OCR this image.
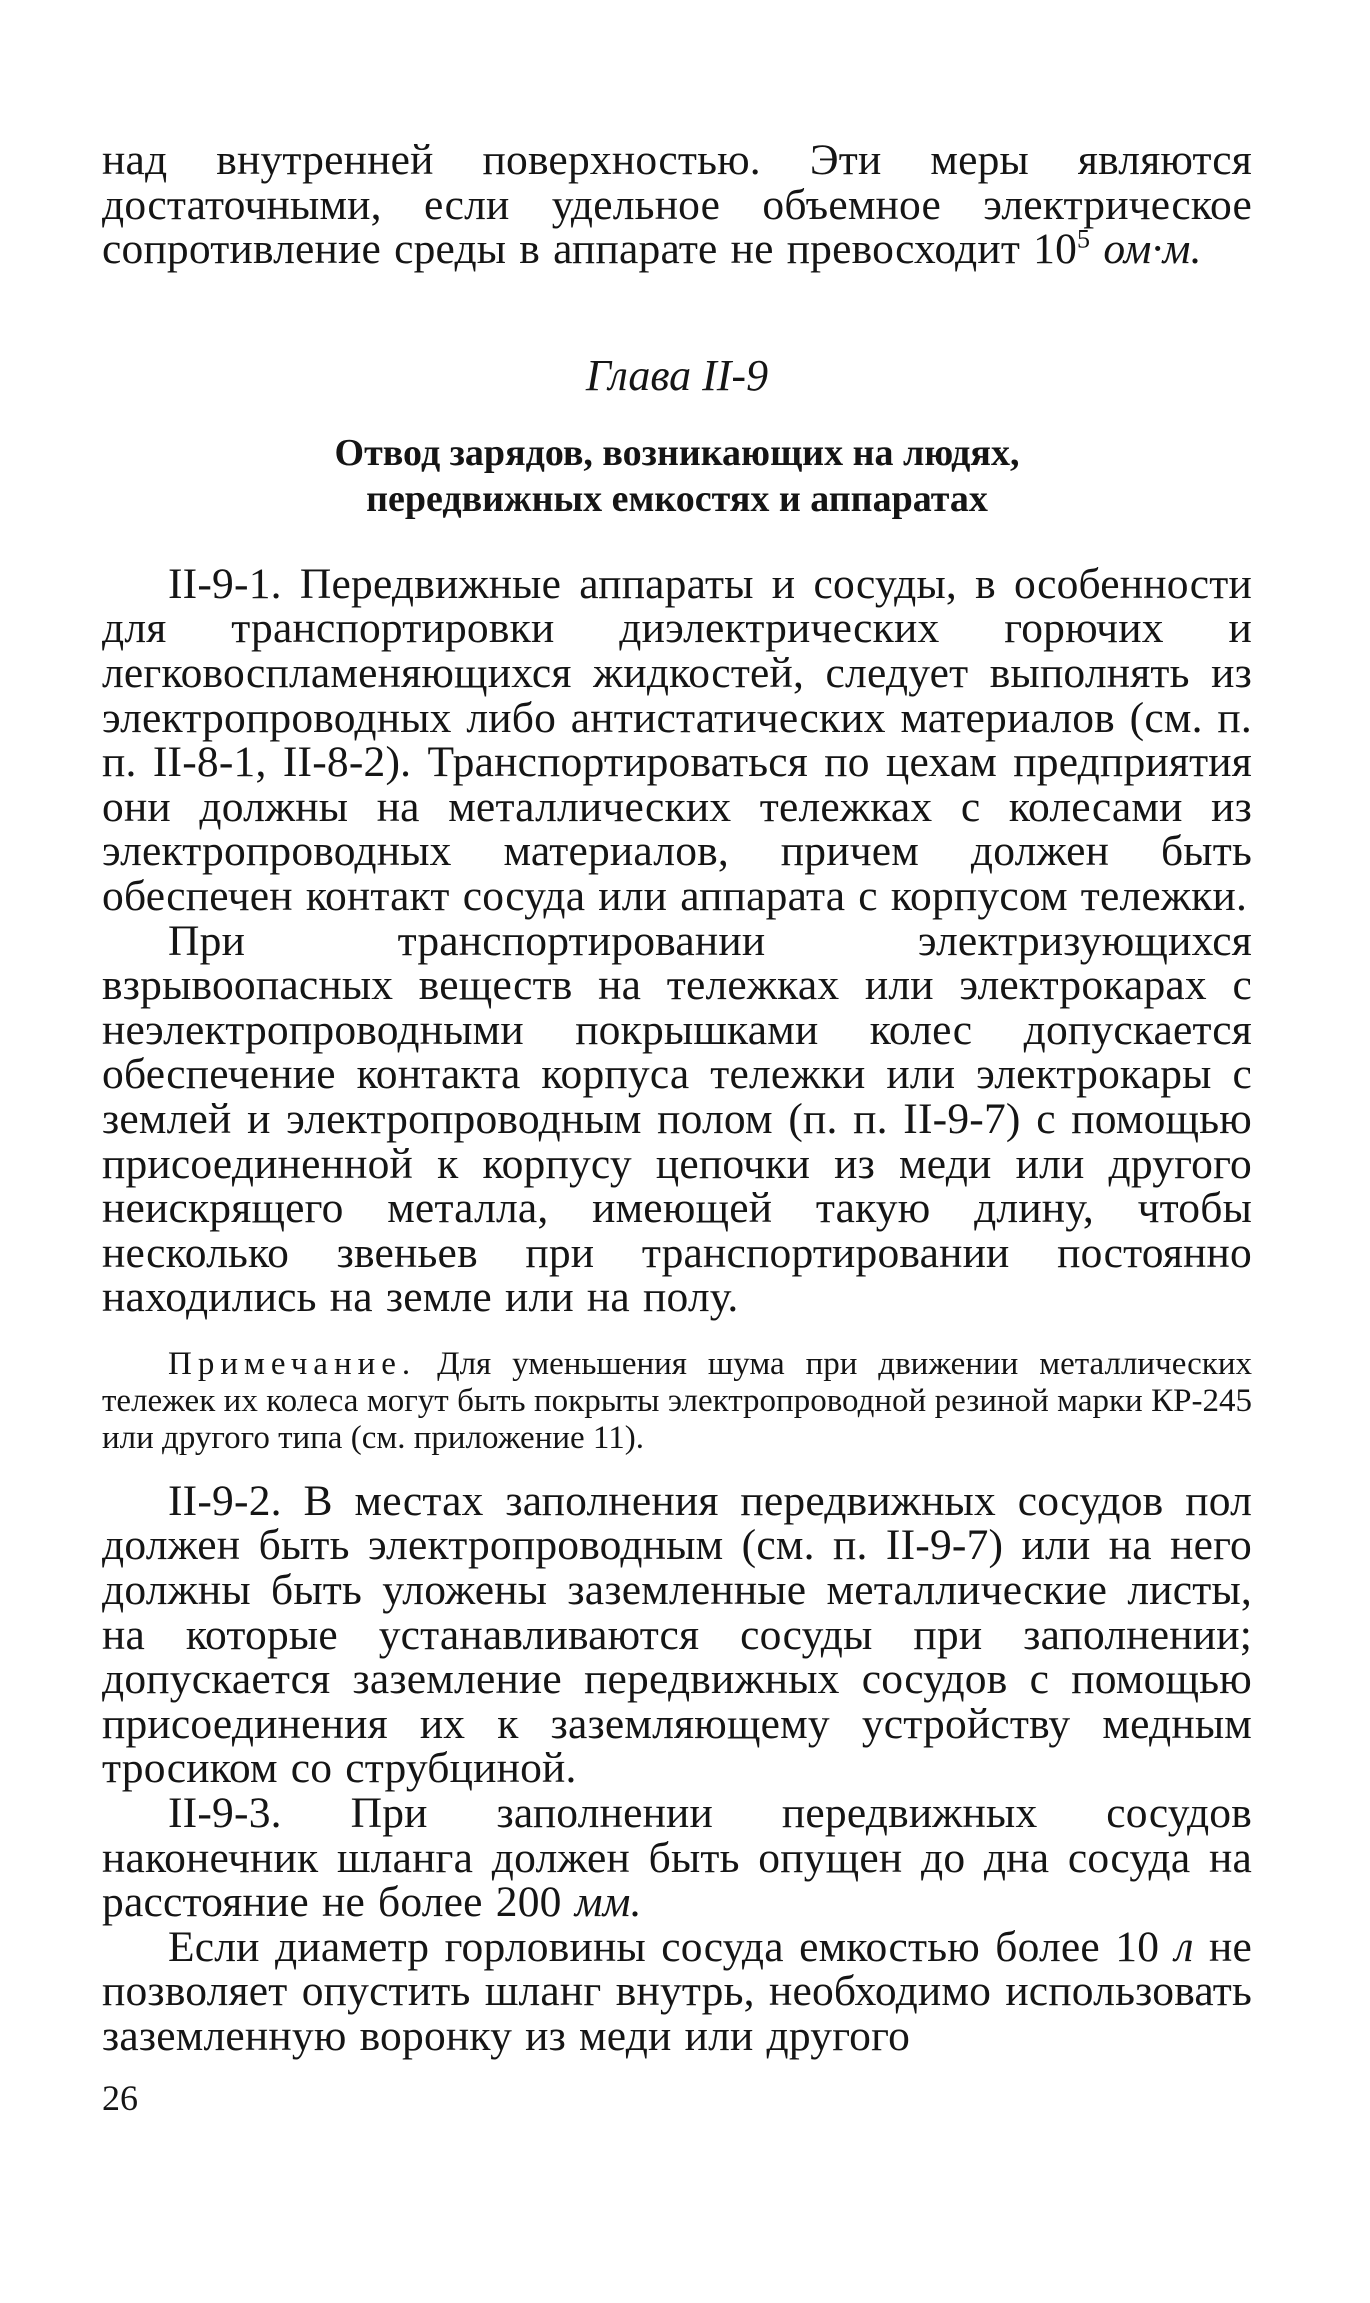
над внутренней поверхностью. Эти меры являются достаточными, если удельное объемное электрическое сопротивление среды в аппарате не превосходит $10^5$ ом·м.

Глава II-9
Отвод зарядов, возникающих на людях,
передвижных емкостях и аппаратах

II-9-1. Передвижные аппараты и сосуды, в особенности для транспортировки диэлектрических горючих и легковоспламеняющихся жидкостей, следует выполнять из электропроводных либо антистатических материалов (см. п. п. II-8-1, II-8-2). Транспортироваться по цехам предприятия они должны на металлических тележках с колесами из электропроводных материалов, причем должен быть обеспечен контакт сосуда или аппарата с корпусом тележки.

При транспортировании электризующихся взрывоопасных веществ на тележках или электрокарах с неэлектропроводными покрышками колес допускается обеспечение контакта корпуса тележки или электрокары с землей и электропроводным полом (п. п. II-9-7) с помощью присоединенной к корпусу цепочки из меди или другого неискрящего металла, имеющей такую длину, чтобы несколько звеньев при транспортировании постоянно находились на земле или на полу.

Примечание. Для уменьшения шума при движении металлических тележек их колеса могут быть покрыты электропроводной резиной марки КР-245 или другого типа (см. приложение 11).

II-9-2. В местах заполнения передвижных сосудов пол должен быть электропроводным (см. п. II-9-7) или на него должны быть уложены заземленные металлические листы, на которые устанавливаются сосуды при заполнении; допускается заземление передвижных сосудов с помощью присоединения их к заземляющему устройству медным тросиком со струбциной.

II-9-3. При заполнении передвижных сосудов наконечник шланга должен быть опущен до дна сосуда на расстояние не более 200 мм.

Если диаметр горловины сосуда емкостью более 10 л не позволяет опустить шланг внутрь, необходимо использовать заземленную воронку из меди или другого

26
